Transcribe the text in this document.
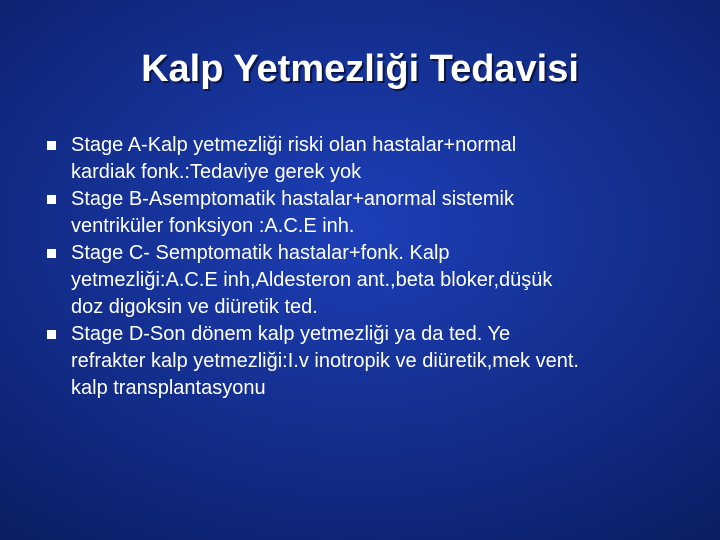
Kalp Yetmezliği Tedavisi
Stage A-Kalp yetmezliği riski olan hastalar+normal
kardiak fonk.:Tedaviye gerek yok
Stage B-Asemptomatik hastalar+anormal sistemik
ventriküler fonksiyon :A.C.E inh.
Stage C- Semptomatik hastalar+fonk. Kalp
yetmezliği:A.C.E inh,Aldesteron ant.,beta bloker,düşük
doz digoksin ve diüretik ted.
Stage D-Son dönem kalp yetmezliği ya da ted. Ye
refrakter kalp yetmezliği:I.v inotropik ve diüretik,mek vent.
kalp transplantasyonu
